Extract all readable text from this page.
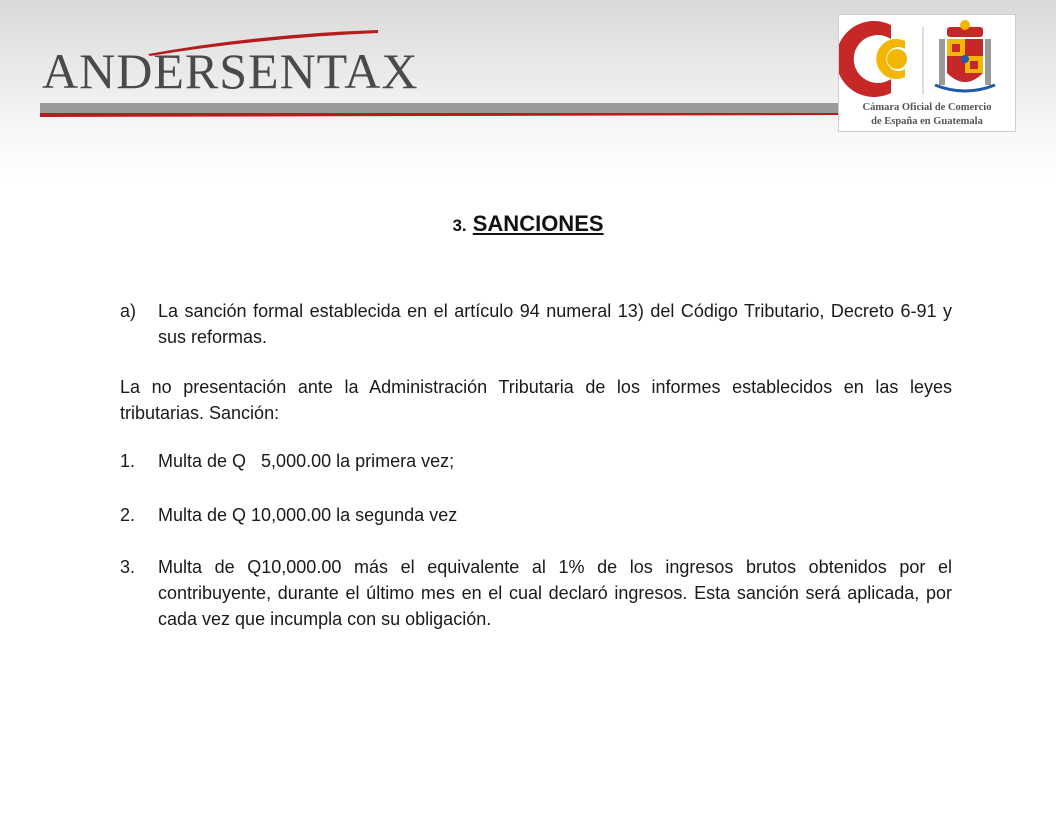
ANDERSENTAX
Cámara Oficial de Comercio
de España en Guatemala
3. SANCIONES
a)	La sanción formal establecida en el artículo 94 numeral 13) del Código Tributario, Decreto 6-91 y sus reformas.
La no presentación ante la Administración Tributaria de los informes establecidos en las leyes tributarias. Sanción:
1.	Multa de Q   5,000.00 la primera vez;
2.	Multa de Q 10,000.00 la segunda vez
3.	Multa de Q10,000.00 más el equivalente al 1% de los ingresos brutos obtenidos por el contribuyente, durante el último mes en el cual declaró ingresos. Esta sanción será aplicada, por cada vez que incumpla con su obligación.
